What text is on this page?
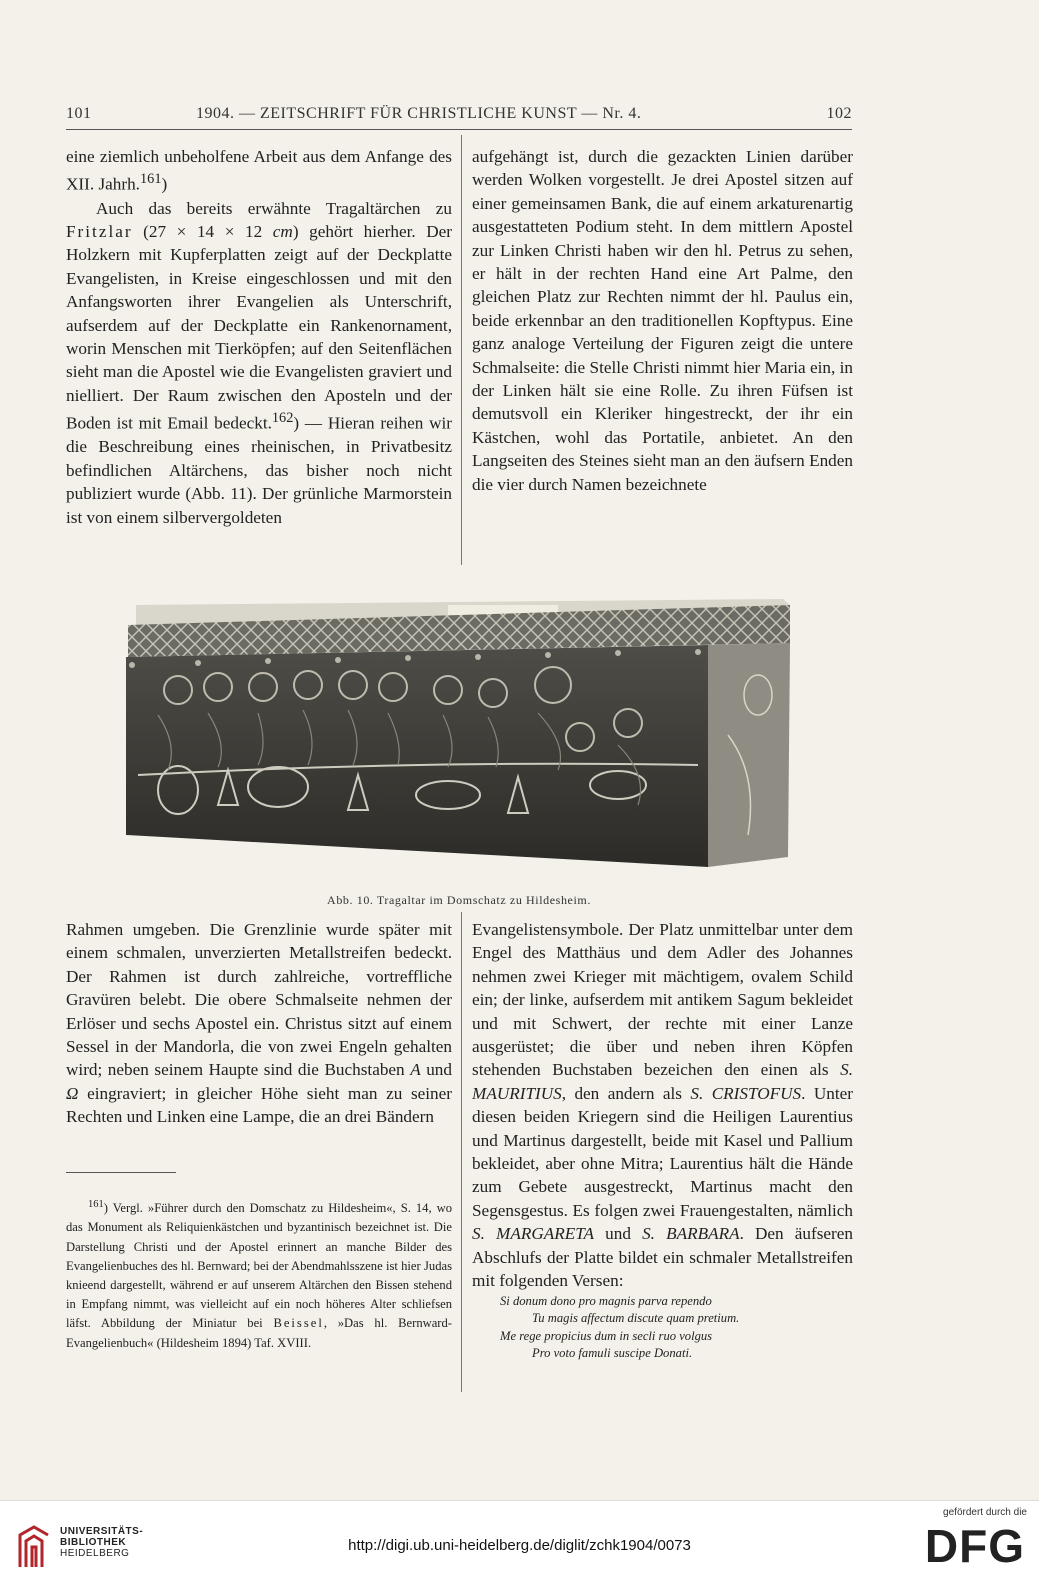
101	1904. — ZEITSCHRIFT FÜR CHRISTLICHE KUNST — Nr. 4.	102

eine ziemlich unbeholfene Arbeit aus dem Anfange des XII. Jahrh.$^{161}$)

Auch das bereits erwähnte Tragaltärchen zu Fritzlar (27 × 14 × 12 cm) gehört hierher. Der Holzkern mit Kupferplatten zeigt auf der Deckplatte Evangelisten, in Kreise eingeschlossen und mit den Anfangsworten ihrer Evangelien als Unterschrift, aufserdem auf der Deckplatte ein Rankenornament, worin Menschen mit Tierköpfen; auf den Seitenflächen sieht man die Apostel wie die Evangelisten graviert und nielliert. Der Raum zwischen den Aposteln und der Boden ist mit Email bedeckt.$^{162}$) — Hieran reihen wir die Beschreibung eines rheinischen, in Privatbesitz befindlichen Altärchens, das bisher noch nicht publiziert wurde (Abb. 11). Der grünliche Marmorstein ist von einem silbervergoldeten

aufgehängt ist, durch die gezackten Linien darüber werden Wolken vorgestellt. Je drei Apostel sitzen auf einer gemeinsamen Bank, die auf einem arkaturenartig ausgestatteten Podium steht. In dem mittlern Apostel zur Linken Christi haben wir den hl. Petrus zu sehen, er hält in der rechten Hand eine Art Palme, den gleichen Platz zur Rechten nimmt der hl. Paulus ein, beide erkennbar an den traditionellen Kopftypus. Eine ganz analoge Verteilung der Figuren zeigt die untere Schmalseite: die Stelle Christi nimmt hier Maria ein, in der Linken hält sie eine Rolle. Zu ihren Füfsen ist demutsvoll ein Kleriker hingestreckt, der ihr ein Kästchen, wohl das Portatile, anbietet. An den Langseiten des Steines sieht man an den äufsern Enden die vier durch Namen bezeichnete

Abb. 10. Tragaltar im Domschatz zu Hildesheim.

Rahmen umgeben. Die Grenzlinie wurde später mit einem schmalen, unverzierten Metallstreifen bedeckt. Der Rahmen ist durch zahlreiche, vortreffliche Gravüren belebt. Die obere Schmalseite nehmen der Erlöser und sechs Apostel ein. Christus sitzt auf einem Sessel in der Mandorla, die von zwei Engeln gehalten wird; neben seinem Haupte sind die Buchstaben A und Ω eingraviert; in gleicher Höhe sieht man zu seiner Rechten und Linken eine Lampe, die an drei Bändern

$^{161}$) Vergl. »Führer durch den Domschatz zu Hildesheim«, S. 14, wo das Monument als Reliquienkästchen und byzantinisch bezeichnet ist. Die Darstellung Christi und der Apostel erinnert an manche Bilder des Evangelienbuches des hl. Bernward; bei der Abendmahlsszene ist hier Judas knieend dargestellt, während er auf unserem Altärchen den Bissen stehend in Empfang nimmt, was vielleicht auf ein noch höheres Alter schliefsen läfst. Abbildung der Miniatur bei Beissel, »Das hl. Bernward-Evangelienbuch« (Hildesheim 1894) Taf. XVIII.

Evangelistensymbole. Der Platz unmittelbar unter dem Engel des Matthäus und dem Adler des Johannes nehmen zwei Krieger mit mächtigem, ovalem Schild ein; der linke, aufserdem mit antikem Sagum bekleidet und mit Schwert, der rechte mit einer Lanze ausgerüstet; die über und neben ihren Köpfen stehenden Buchstaben bezeichen den einen als S. MAURITIUS, den andern als S. CRISTOFUS. Unter diesen beiden Kriegern sind die Heiligen Laurentius und Martinus dargestellt, beide mit Kasel und Pallium bekleidet, aber ohne Mitra; Laurentius hält die Hände zum Gebete ausgestreckt, Martinus macht den Segensgestus. Es folgen zwei Frauengestalten, nämlich S. MARGARETA und S. BARBARA. Den äufseren Abschlufs der Platte bildet ein schmaler Metallstreifen mit folgenden Versen:

Si donum dono pro magnis parva rependo
Tu magis affectum discute quam pretium.
Me rege propicius dum in secli ruo volgus
Pro voto famuli suscipe Donati.
UNIVERSITÄTS-
BIBLIOTHEK
HEIDELBERG	http://digi.ub.uni-heidelberg.de/diglit/zchk1904/0073
gefördert durch die
DFG
